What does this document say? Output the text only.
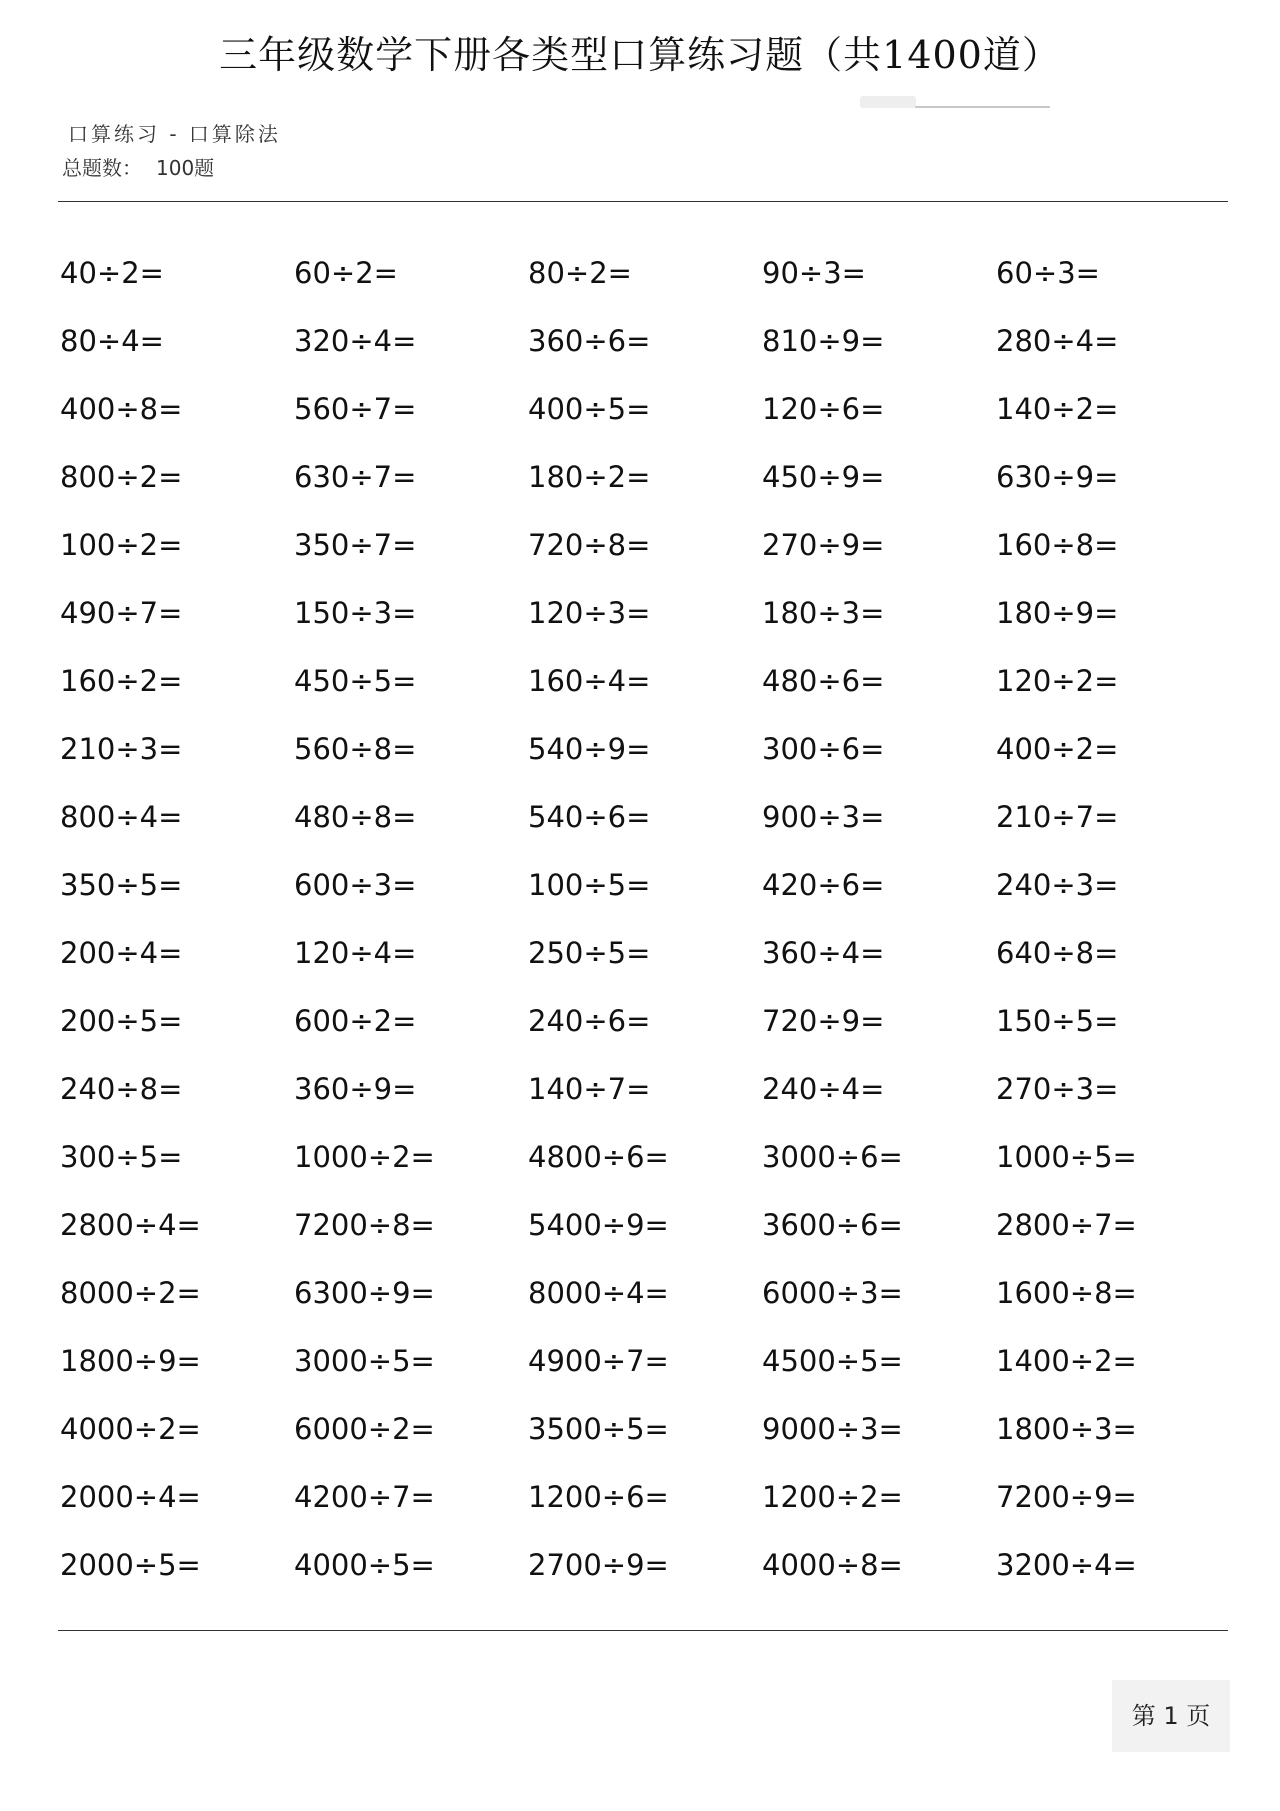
三年级数学下册各类型口算练习题（共1400道）
口算练习 - 口算除法
总题数： 100题
40÷2=	60÷2=	80÷2=	90÷3=	60÷3=
80÷4=	320÷4=	360÷6=	810÷9=	280÷4=
400÷8=	560÷7=	400÷5=	120÷6=	140÷2=
800÷2=	630÷7=	180÷2=	450÷9=	630÷9=
100÷2=	350÷7=	720÷8=	270÷9=	160÷8=
490÷7=	150÷3=	120÷3=	180÷3=	180÷9=
160÷2=	450÷5=	160÷4=	480÷6=	120÷2=
210÷3=	560÷8=	540÷9=	300÷6=	400÷2=
800÷4=	480÷8=	540÷6=	900÷3=	210÷7=
350÷5=	600÷3=	100÷5=	420÷6=	240÷3=
200÷4=	120÷4=	250÷5=	360÷4=	640÷8=
200÷5=	600÷2=	240÷6=	720÷9=	150÷5=
240÷8=	360÷9=	140÷7=	240÷4=	270÷3=
300÷5=	1000÷2=	4800÷6=	3000÷6=	1000÷5=
2800÷4=	7200÷8=	5400÷9=	3600÷6=	2800÷7=
8000÷2=	6300÷9=	8000÷4=	6000÷3=	1600÷8=
1800÷9=	3000÷5=	4900÷7=	4500÷5=	1400÷2=
4000÷2=	6000÷2=	3500÷5=	9000÷3=	1800÷3=
2000÷4=	4200÷7=	1200÷6=	1200÷2=	7200÷9=
2000÷5=	4000÷5=	2700÷9=	4000÷8=	3200÷4=
第 1 页
